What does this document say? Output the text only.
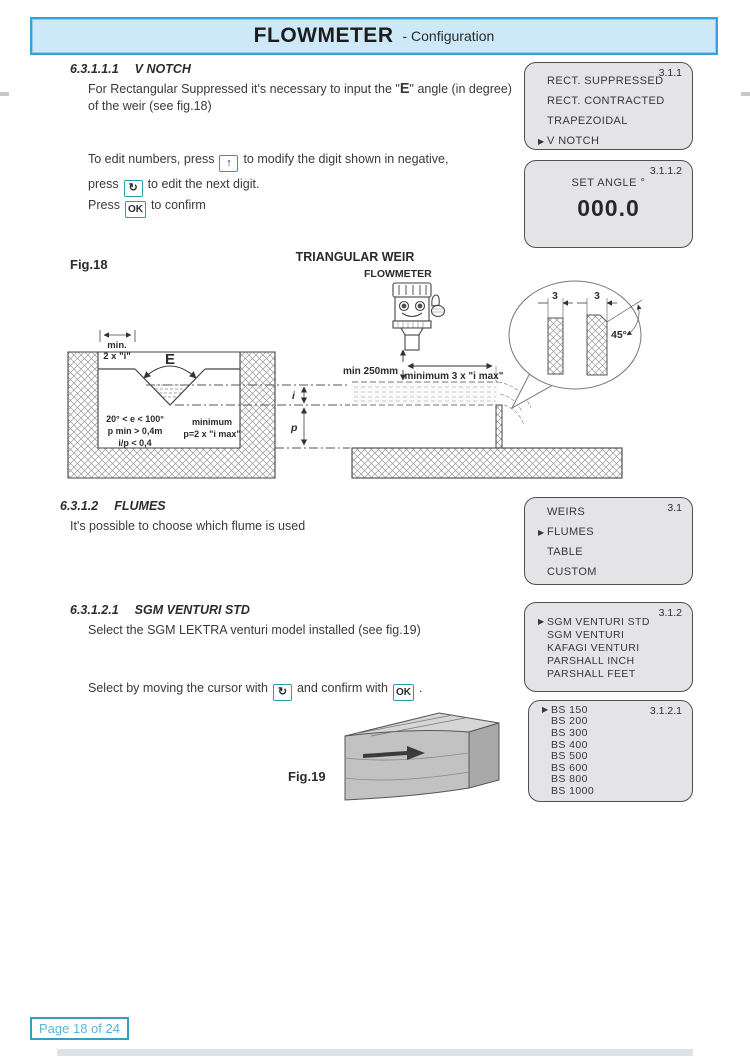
FLOWMETER - Configuration
6.3.1.1.1 V NOTCH
For Rectangular Suppressed it's necessary to input the "E" angle (in degree)
of the weir (see fig.18)
To edit numbers, press ↑ to modify the digit shown in negative,
press ↻ to edit the next digit.
Press OK to confirm
3.1.1
RECT. SUPPRESSED
RECT. CONTRACTED
TRAPEZOIDAL
▶ V NOTCH
3.1.1.2
SET ANGLE °
000.0
Fig.18	TRIANGULAR WEIR
FLOWMETER
E
min.
2 x "i"
20° < e < 100°
p min > 0,4m
i/p < 0,4
minimum
p=2 x "i max"
i
p
min 250mm minimum 3 x "i max"
3	3
45°
6.3.1.2 FLUMES
It's possible to choose which flume is used
3.1
WEIRS
▶ FLUMES
TABLE
CUSTOM
6.3.1.2.1 SGM VENTURI STD
Select the SGM LEKTRA venturi model installed (see fig.19)
Select by moving the cursor with ↻ and confirm with OK .
3.1.2
▶ SGM VENTURI STD
SGM VENTURI
KAFAGI VENTURI
PARSHALL INCH
PARSHALL FEET
3.1.2.1
▶ BS 150
BS 200
BS 300
BS 400
BS 500
BS 600
BS 800
BS 1000
Fig.19
Page 18 of 24
